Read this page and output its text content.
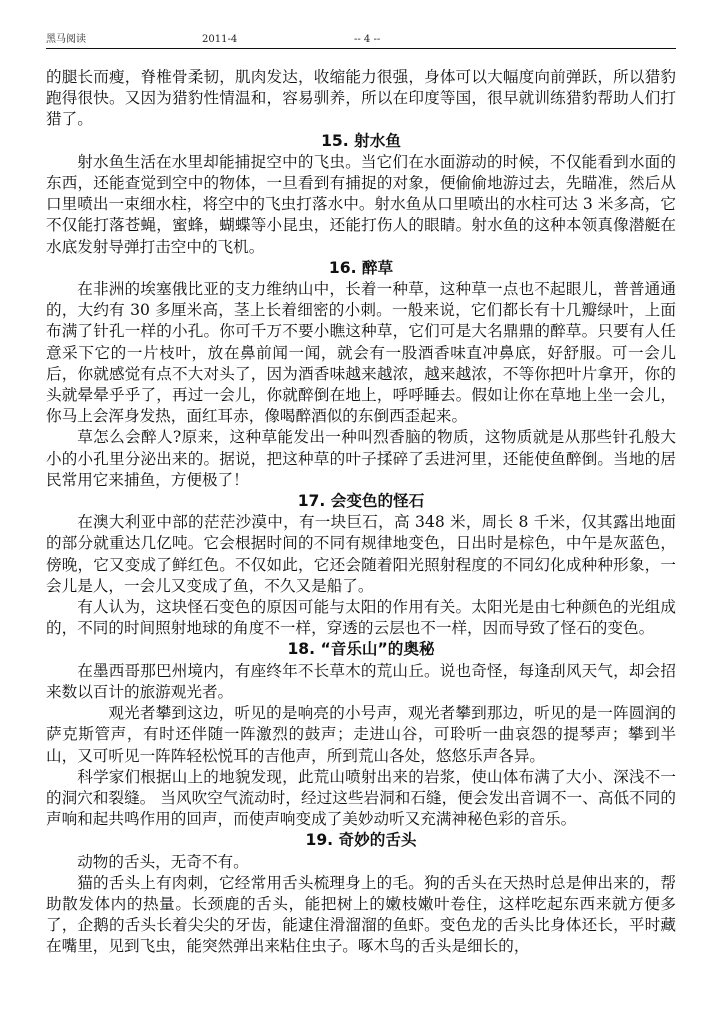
黑马阅读	2011-4	-- 4 --

的腿长而瘦，脊椎骨柔韧，肌肉发达，收缩能力很强，身体可以大幅度向前弹跃，所以猎豹跑得很快。又因为猎豹性情温和，容易驯养，所以在印度等国，很早就训练猎豹帮助人们打猎了。

15. 射水鱼

射水鱼生活在水里却能捕捉空中的飞虫。当它们在水面游动的时候，不仅能看到水面的东西，还能查觉到空中的物体，一旦看到有捕捉的对象，便偷偷地游过去，先瞄准，然后从口里喷出一束细水柱，将空中的飞虫打落水中。射水鱼从口里喷出的水柱可达 3 米多高，它不仅能打落苍蝇，蜜蜂，蝴蝶等小昆虫，还能打伤人的眼睛。射水鱼的这种本领真像潜艇在水底发射导弹打击空中的飞机。

16. 醉草

在非洲的埃塞俄比亚的支力维纳山中，长着一种草，这种草一点也不起眼儿，普普通通的，大约有 30 多厘米高，茎上长着细密的小刺。一般来说，它们都长有十几瓣绿叶，上面布满了针孔一样的小孔。你可千万不要小瞧这种草，它们可是大名鼎鼎的醉草。只要有人任意采下它的一片枝叶，放在鼻前闻一闻，就会有一股酒香味直冲鼻底，好舒服。可一会儿后，你就感觉有点不大对头了，因为酒香味越来越浓，越来越浓，不等你把叶片拿开，你的头就晕晕乎乎了，再过一会儿，你就醉倒在地上，呼呼睡去。假如让你在草地上坐一会儿，你马上会浑身发热，面红耳赤，像喝醉酒似的东倒西歪起来。

草怎么会醉人?原来，这种草能发出一种叫烈香脑的物质，这物质就是从那些针孔般大小的小孔里分泌出来的。据说，把这种草的叶子揉碎了丢进河里，还能使鱼醉倒。当地的居民常用它来捕鱼，方便极了！

17. 会变色的怪石

在澳大利亚中部的茫茫沙漠中，有一块巨石，高 348 米，周长 8 千米，仅其露出地面的部分就重达几亿吨。它会根据时间的不同有规律地变色，日出时是棕色，中午是灰蓝色，傍晚，它又变成了鲜红色。不仅如此，它还会随着阳光照射程度的不同幻化成种种形象，一会儿是人，一会儿又变成了鱼，不久又是船了。

有人认为，这块怪石变色的原因可能与太阳的作用有关。太阳光是由七种颜色的光组成的，不同的时间照射地球的角度不一样，穿透的云层也不一样，因而导致了怪石的变色。

18. “音乐山”的奥秘

在墨西哥那巴州境内，有座终年不长草木的荒山丘。说也奇怪，每逢刮风天气，却会招来数以百计的旅游观光者。

观光者攀到这边，听见的是响亮的小号声，观光者攀到那边，听见的是一阵圆润的萨克斯管声，有时还伴随一阵激烈的鼓声；走进山谷，可聆听一曲哀怨的提琴声；攀到半山，又可听见一阵阵轻松悦耳的吉他声，所到荒山各处，悠悠乐声各异。

科学家们根据山上的地貌发现，此荒山喷射出来的岩浆，使山体布满了大小、深浅不一的洞穴和裂缝。 当风吹空气流动时，经过这些岩洞和石缝，便会发出音调不一、高低不同的声响和起共鸣作用的回声，而使声响变成了美妙动听又充满神秘色彩的音乐。

19. 奇妙的舌头

动物的舌头，无奇不有。

猫的舌头上有肉刺，它经常用舌头梳理身上的毛。狗的舌头在天热时总是伸出来的，帮助散发体内的热量。长颈鹿的舌头，能把树上的嫩枝嫩叶卷住，这样吃起东西来就方便多了，企鹅的舌头长着尖尖的牙齿，能逮住滑溜溜的鱼虾。变色龙的舌头比身体还长，平时藏在嘴里，见到飞虫，能突然弹出来粘住虫子。啄木鸟的舌头是细长的，
